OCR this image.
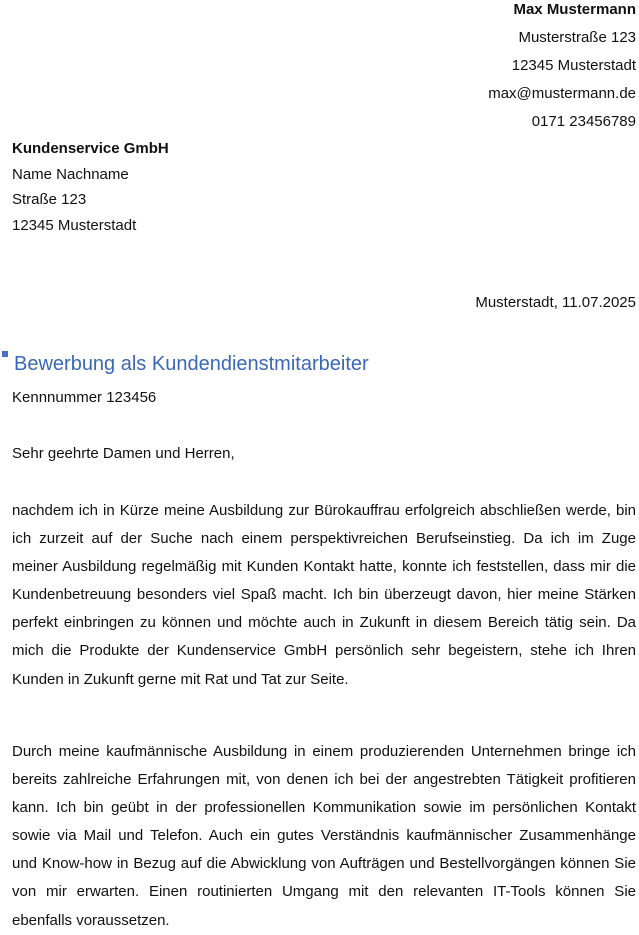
Max Mustermann
Musterstraße 123
12345 Musterstadt
max@mustermann.de
0171 23456789
Kundenservice GmbH
Name Nachname
Straße 123
12345 Musterstadt
Musterstadt, 11.07.2025
Bewerbung als Kundendienstmitarbeiter
Kennnummer 123456
Sehr geehrte Damen und Herren,
nachdem ich in Kürze meine Ausbildung zur Bürokauffrau erfolgreich abschließen werde, bin ich zurzeit auf der Suche nach einem perspektivreichen Berufseinstieg. Da ich im Zuge meiner Ausbildung regelmäßig mit Kunden Kontakt hatte, konnte ich feststellen, dass mir die Kundenbetreuung besonders viel Spaß macht. Ich bin überzeugt davon, hier meine Stärken perfekt einbringen zu können und möchte auch in Zukunft in diesem Bereich tätig sein. Da mich die Produkte der Kundenservice GmbH persönlich sehr begeistern, stehe ich Ihren Kunden in Zukunft gerne mit Rat und Tat zur Seite.
Durch meine kaufmännische Ausbildung in einem produzierenden Unternehmen bringe ich bereits zahlreiche Erfahrungen mit, von denen ich bei der angestrebten Tätigkeit profitieren kann. Ich bin geübt in der professionellen Kommunikation sowie im persönlichen Kontakt sowie via Mail und Telefon. Auch ein gutes Verständnis kaufmännischer Zusammenhänge und Know-how in Bezug auf die Abwicklung von Aufträgen und Bestellvorgängen können Sie von mir erwarten. Einen routinierten Umgang mit den relevanten IT-Tools können Sie ebenfalls voraussetzen.
